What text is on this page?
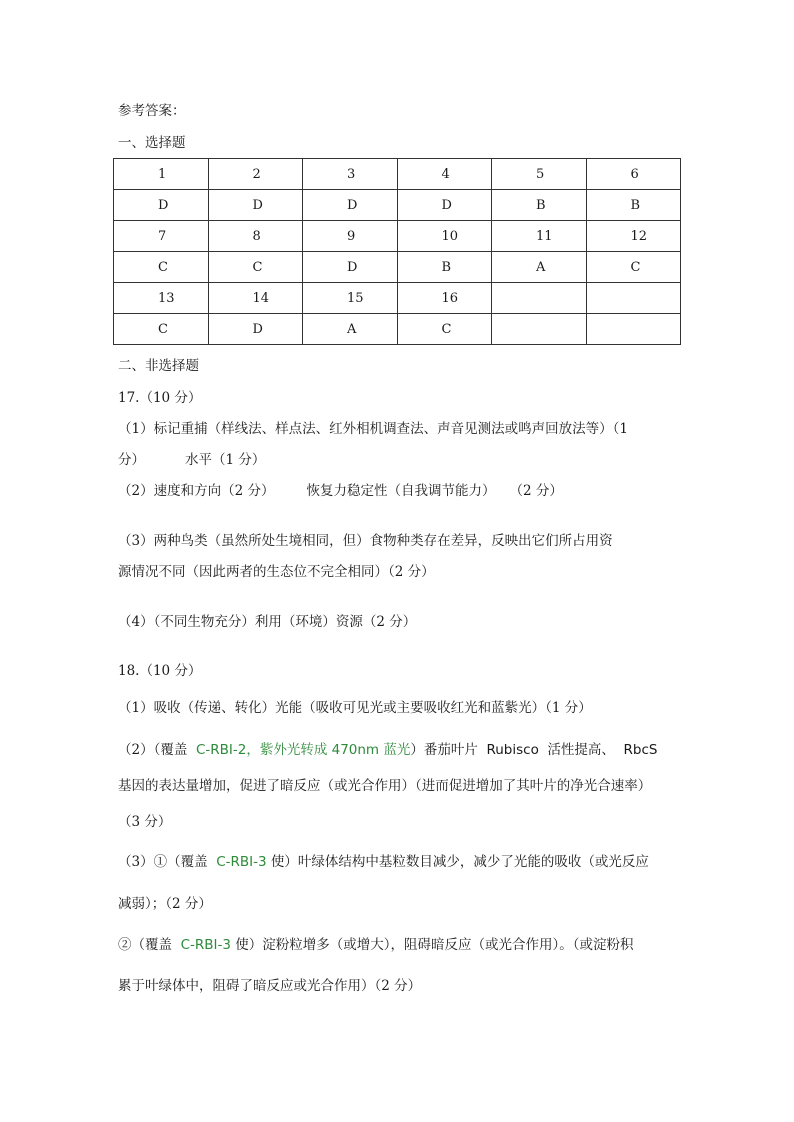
参考答案：
一、选择题
1	2	3	4	5	6
D	D	D	D	B	B
7	8	9	10	11	12
C	C	D	B	A	C
13	14	15	16		
C	D	A	C		
二、非选择题
17.（10 分）
（1）标记重捕（样线法、样点法、红外相机调查法、声音见测法或鸣声回放法等）（1
分）	水平（1 分）
（2）速度和方向（2 分） 恢复力稳定性（自我调节能力） （2 分）
（3）两种鸟类（虽然所处生境相同，但）食物种类存在差异，反映出它们所占用资
源情况不同（因此两者的生态位不完全相同）（2 分）
（4）（不同生物充分）利用（环境）资源（2 分）
18.（10 分）
（1）吸收（传递、转化）光能（吸收可见光或主要吸收红光和蓝紫光）（1 分）
（2）（覆盖 C-RBI-2，紫外光转成 470nm 蓝光）番茄叶片 Rubisco 活性提高、 RbcS
基因的表达量增加，促进了暗反应（或光合作用）（进而促进增加了其叶片的净光合速率）
（3 分）
（3）①（覆盖 C-RBI-3 使）叶绿体结构中基粒数目减少，减少了光能的吸收（或光反应
减弱）；（2 分）
②（覆盖 C-RBI-3 使）淀粉粒增多（或增大），阻碍暗反应（或光合作用）。（或淀粉积
累于叶绿体中，阻碍了暗反应或光合作用）（2 分）
